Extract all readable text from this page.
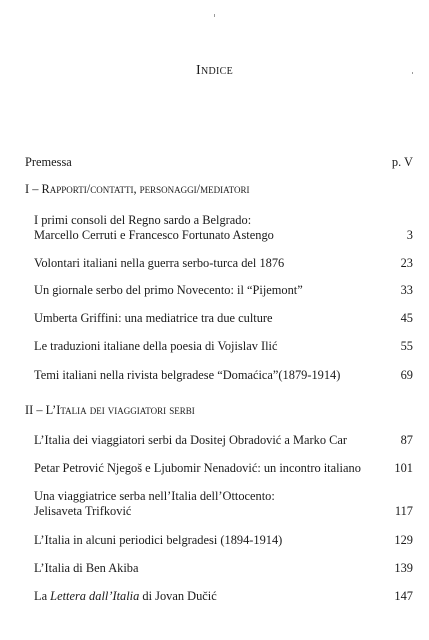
Indice
Premessa	p. V
I – Rapporti/contatti, personaggi/mediatori
I primi consoli del Regno sardo a Belgrado:
Marcello Cerruti e Francesco Fortunato Astengo	3
Volontari italiani nella guerra serbo-turca del 1876	23
Un giornale serbo del primo Novecento: il “Pijemont”	33
Umberta Griffini: una mediatrice tra due culture	45
Le traduzioni italiane della poesia di Vojislav Ilić	55
Temi italiani nella rivista belgradese “Domaćica”(1879-1914)	69
II – L’Italia dei viaggiatori serbi
L’Italia dei viaggiatori serbi da Dositej Obradović a Marko Car	87
Petar Petrović Njegoš e Ljubomir Nenadović: un incontro italiano	101
Una viaggiatrice serba nell’Italia dell’Ottocento:
Jelisaveta Trifković	117
L’Italia in alcuni periodici belgradesi (1894-1914)	129
L’Italia di Ben Akiba	139
La Lettera dall’Italia di Jovan Dučić	147
